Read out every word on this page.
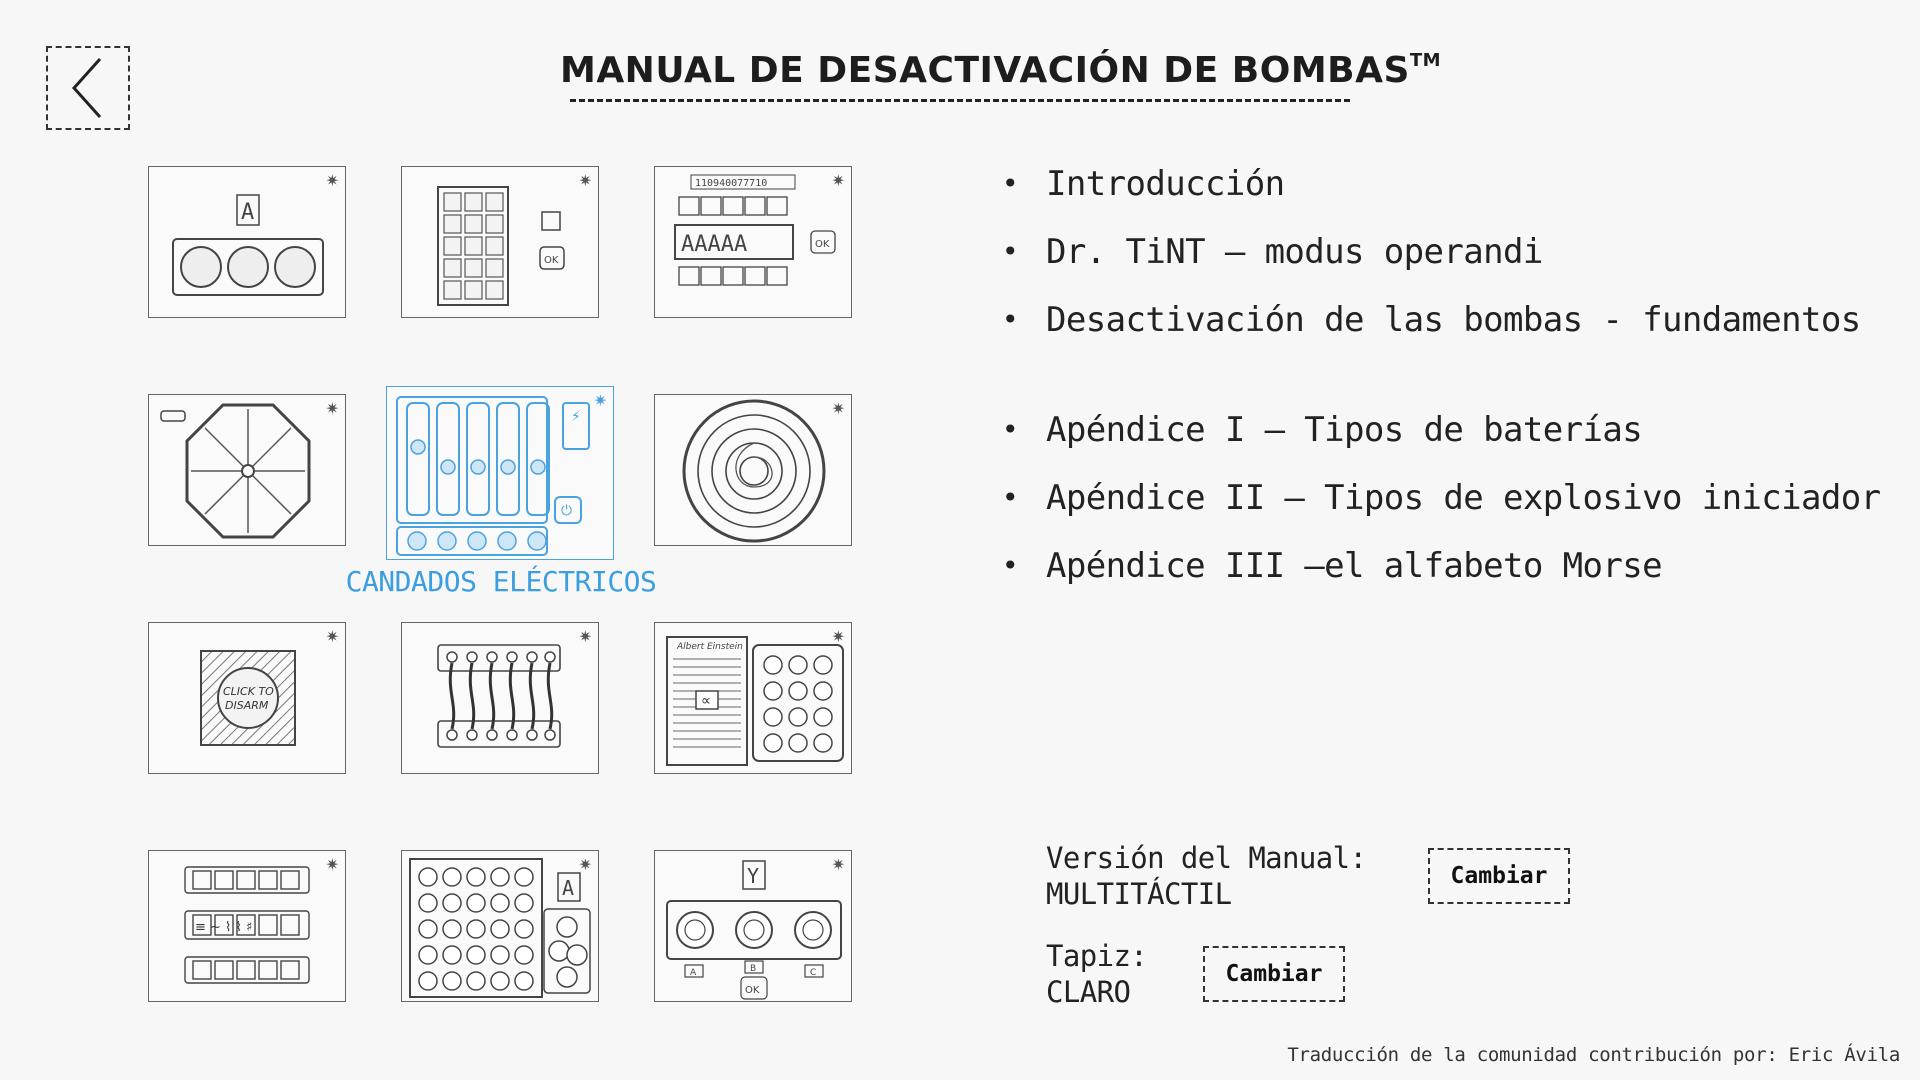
MANUAL DE DESACTIVACIÓN DE BOMBAS™
A
✷
OK
✷	110940077710
AAAAA	OK
✷
✷	⚡
⏻
✷	✷
CLICK TO
DISARM
✷	✷
Albert Einstein
∝
✷
≡ ∼ ⌇ ⌇ ♯
✷
A
✷	Y
A	B	C
OK
✷
CANDADOS ELÉCTRICOS
• Introducción
• Dr. TiNT – modus operandi
• Desactivación de las bombas - fundamentos
• Apéndice I – Tipos de baterías
• Apéndice II – Tipos de explosivo iniciador
• Apéndice III –el alfabeto Morse
Versión del Manual:
MULTITÁCTIL
Cambiar
Tapiz:
CLARO
Cambiar
Traducción de la comunidad contribución por: Eric Ávila
